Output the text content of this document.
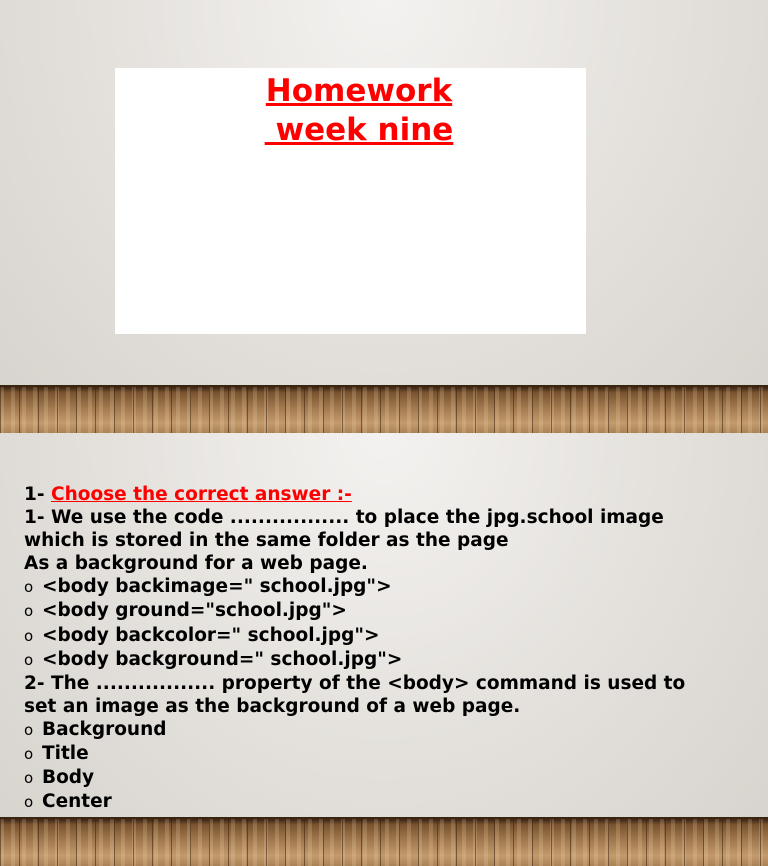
Homework
week nine
1- Choose the correct answer :-
1- We use the code ................. to place the jpg.school image
which is stored in the same folder as the page
As a background for a web page.
o <body backimage=" school.jpg">
o <body ground="school.jpg">
o <body backcolor=" school.jpg">
o <body background=" school.jpg">
2- The ................. property of the <body> command is used to
set an image as the background of a web page.
o Background
o Title
o Body
o Center
